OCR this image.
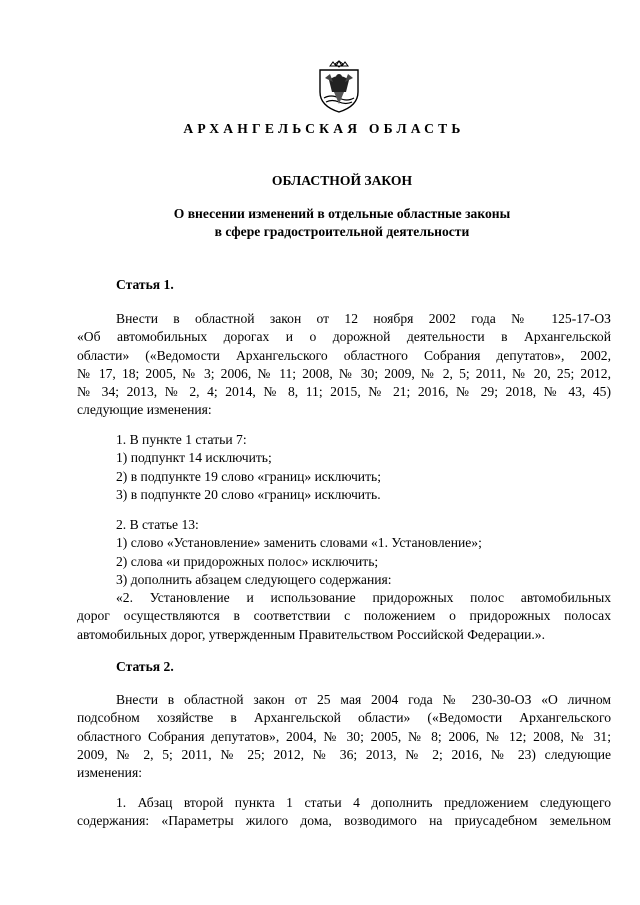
АРХАНГЕЛЬСКАЯ ОБЛАСТЬ
ОБЛАСТНОЙ ЗАКОН
О внесении изменений в отдельные областные законы
в сфере градостроительной деятельности
Статья 1.
Внести в областной закон от 12 ноября 2002 года № 125-17-ОЗ
«Об автомобильных дорогах и о дорожной деятельности в Архангельской
области» («Ведомости Архангельского областного Собрания депутатов», 2002,
№ 17, 18; 2005, № 3; 2006, № 11; 2008, № 30; 2009, № 2, 5; 2011, № 20, 25; 2012,
№ 34; 2013, № 2, 4; 2014, № 8, 11; 2015, № 21; 2016, № 29; 2018, № 43, 45)
следующие изменения:
1. В пункте 1 статьи 7:
1) подпункт 14 исключить;
2) в подпункте 19 слово «границ» исключить;
3) в подпункте 20 слово «границ» исключить.
2. В статье 13:
1) слово «Установление» заменить словами «1. Установление»;
2) слова «и придорожных полос» исключить;
3) дополнить абзацем следующего содержания:
«2. Установление и использование придорожных полос автомобильных
дорог осуществляются в соответствии с положением о придорожных полосах
автомобильных дорог, утвержденным Правительством Российской Федерации.».
Статья 2.
Внести в областной закон от 25 мая 2004 года № 230-30-ОЗ «О личном
подсобном хозяйстве в Архангельской области» («Ведомости Архангельского
областного Собрания депутатов», 2004, № 30; 2005, № 8; 2006, № 12; 2008, № 31;
2009, № 2, 5; 2011, № 25; 2012, № 36; 2013, № 2; 2016, № 23) следующие
изменения:
1. Абзац второй пункта 1 статьи 4 дополнить предложением следующего
содержания: «Параметры жилого дома, возводимого на приусадебном земельном
